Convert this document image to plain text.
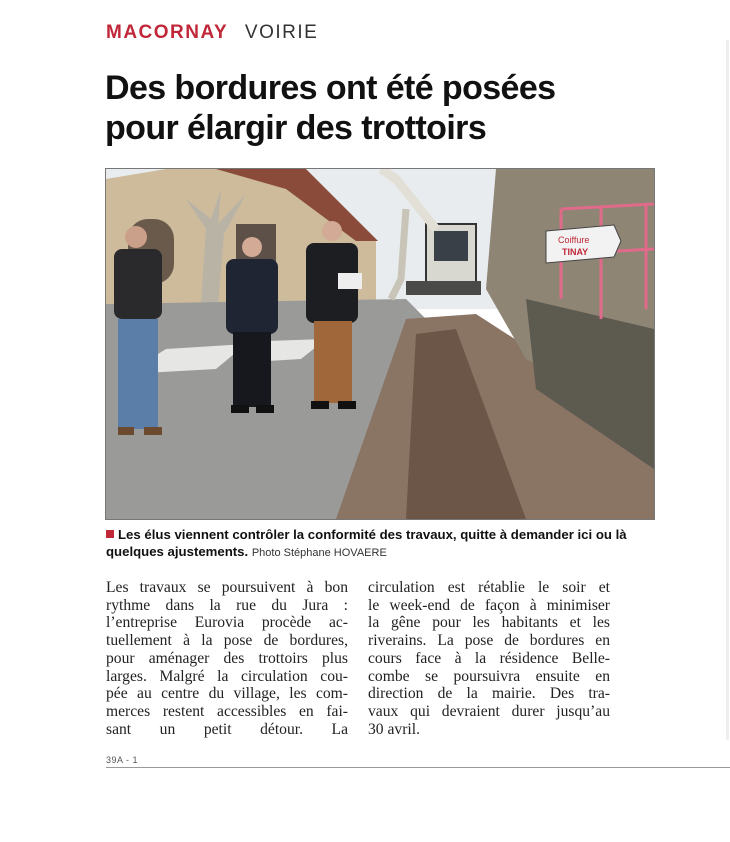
MACORNAY VOIRIE
Des bordures ont été posées
pour élargir des trottoirs
Coiffure
TINAY
Les élus viennent contrôler la conformité des travaux, quitte à demander ici ou là quelques ajustements. Photo Stéphane HOVAERE
Les travaux se poursuivent à bon
rythme dans la rue du Jura :
l’entreprise Eurovia procède ac-
tuellement à la pose de bordures,
pour aménager des trottoirs plus
larges. Malgré la circulation cou-
pée au centre du village, les com-
merces restent accessibles en fai-
sant un petit détour. La
circulation est rétablie le soir et
le week-end de façon à minimiser
la gêne pour les habitants et les
riverains. La pose de bordures en
cours face à la résidence Belle-
combe se poursuivra ensuite en
direction de la mairie. Des tra-
vaux qui devraient durer jusqu’au
30 avril.
39A - 1
